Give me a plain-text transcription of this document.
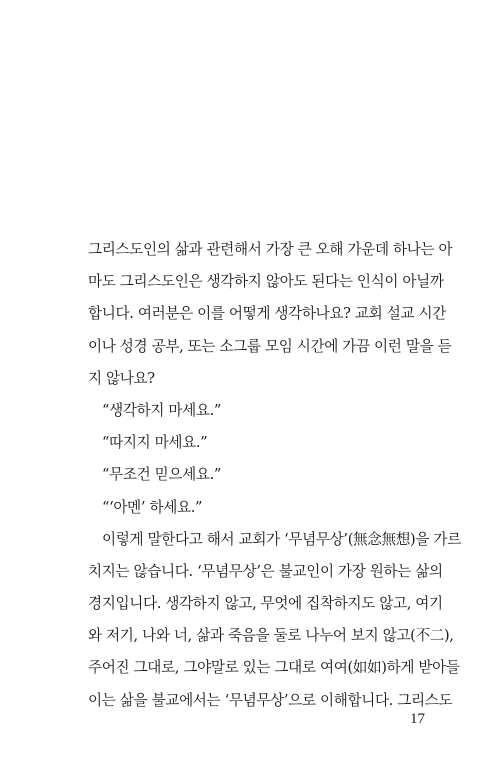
그리스도인의 삶과 관련해서 가장 큰 오해 가운데 하나는 아
마도 그리스도인은 생각하지 않아도 된다는 인식이 아닐까
합니다. 여러분은 이를 어떻게 생각하나요? 교회 설교 시간
이나 성경 공부, 또는 소그룹 모임 시간에 가끔 이런 말을 듣
지 않나요?
“생각하지 마세요.”
“따지지 마세요.”
“무조건 믿으세요.”
“‘아멘’ 하세요.”
이렇게 말한다고 해서 교회가 ‘무념무상’(無念無想)을 가르
치지는 않습니다. ‘무념무상’은 불교인이 가장 원하는 삶의
경지입니다. 생각하지 않고, 무엇에 집착하지도 않고, 여기
와 저기, 나와 너, 삶과 죽음을 둘로 나누어 보지 않고(不二),
주어진 그대로, 그야말로 있는 그대로 여여(如如)하게 받아들
이는 삶을 불교에서는 ‘무념무상’으로 이해합니다. 그리스도
17
